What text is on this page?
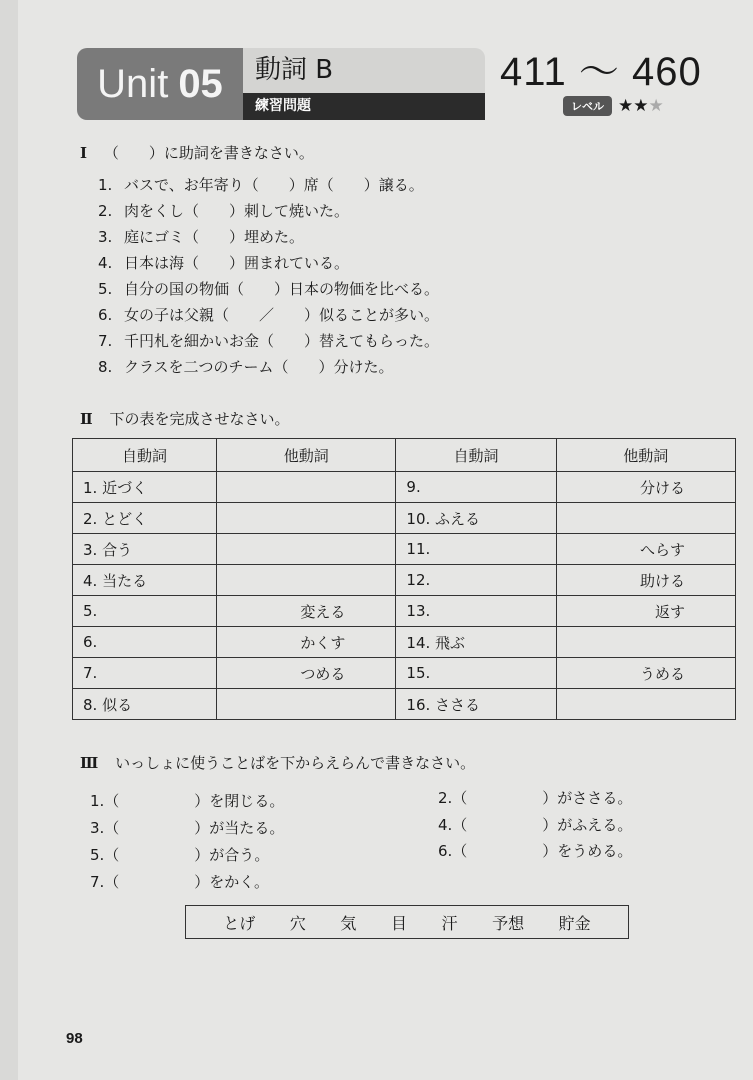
Unit 05	動詞 B
練習問題
411 〜 460
レベル ★★ ★
Ⅰ （　　）に助詞を書きなさい。
1. バスで、お年寄り（　　）席（　　）譲る。
2. 肉をくし（　　）刺して焼いた。
3. 庭にゴミ（　　）埋めた。
4. 日本は海（　　）囲まれている。
5. 自分の国の物価（　　）日本の物価を比べる。
6. 女の子は父親（　　／　　）似ることが多い。
7. 千円札を細かいお金（　　）替えてもらった。
8. クラスを二つのチーム（　　）分けた。
Ⅱ 下の表を完成させなさい。
自動詞	他動詞	自動詞	他動詞
1. 近づく		9.	分ける
2. とどく		10. ふえる	
3. 合う		11.	へらす
4. 当たる		12.	助ける
5.	変える	13.	返す
6.	かくす	14. 飛ぶ	
7.	つめる	15.	うめる
8. 似る		16. ささる	
Ⅲ いっしょに使うことばを下からえらんで書きなさい。
1.（　　　　　）を閉じる。	2.（　　　　　）がささる。
3.（　　　　　）が当たる。	4.（　　　　　）がふえる。
5.（　　　　　）が合う。	6.（　　　　　）をうめる。
7.（　　　　　）をかく。
とげ 穴 気 目 汗 予想 貯金
98
